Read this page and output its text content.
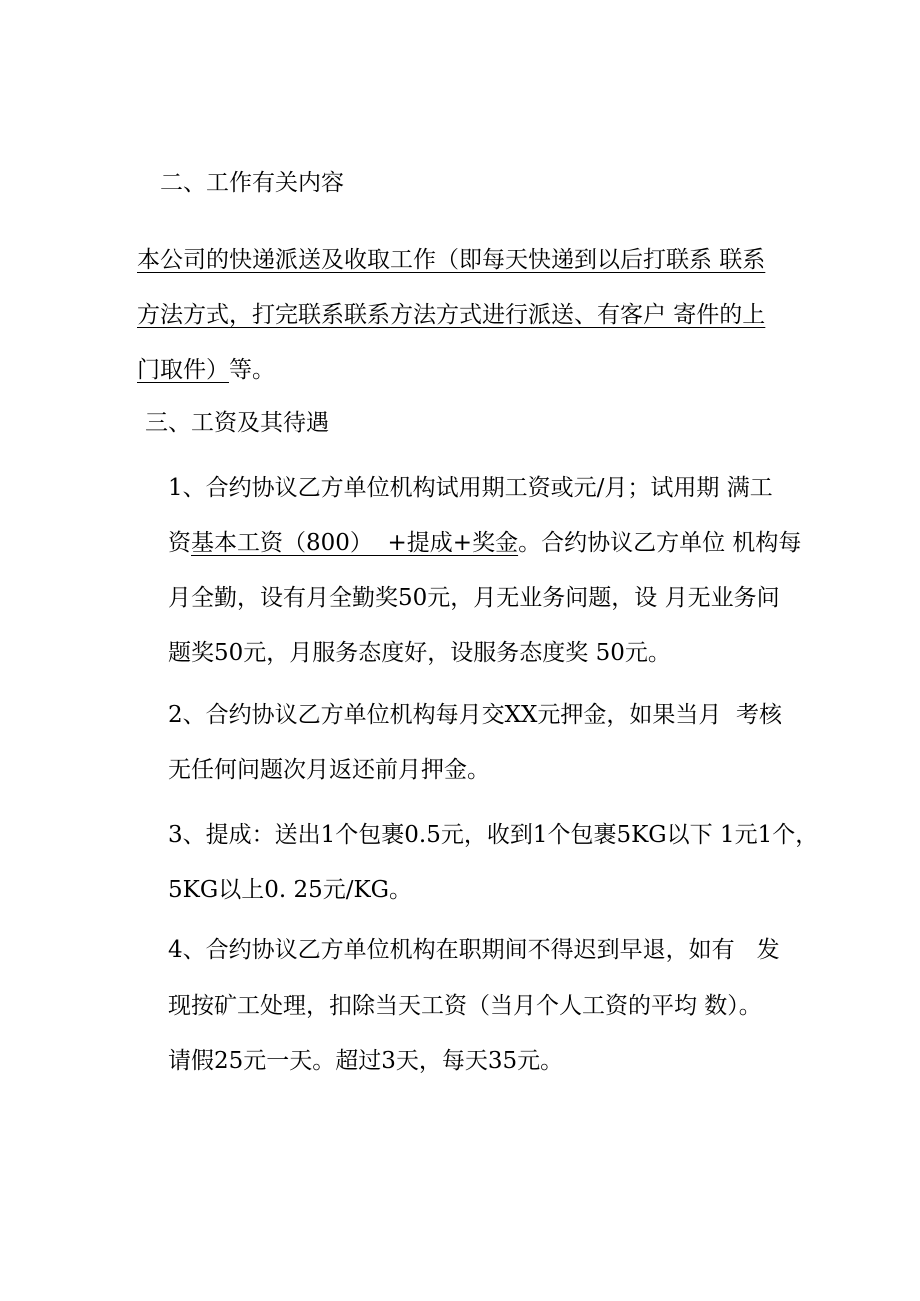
二、工作有关内容
本公司的快递派送及收取工作（即每天快递到以后打联系 联系
方法方式，打完联系联系方法方式进行派送、有客户 寄件的上
门取件）等。
三、工资及其待遇
1、合约协议乙方单位机构试用期工资或元/月；试用期 满工
资基本工资（800）  +提成+奖金。合约协议乙方单位 机构每
月全勤，设有月全勤奖50元，月无业务问题，设 月无业务问
题奖50元，月服务态度好，设服务态度奖 50元。
2、合约协议乙方单位机构每月交XX元押金，如果当月  考核
无任何问题次月返还前月押金。
3、提成：送出1个包裹0.5元，收到1个包裹5KG以下 1元1个，
5KG以上0. 25元/KG。
4、合约协议乙方单位机构在职期间不得迟到早退，如有   发
现按矿工处理，扣除当天工资（当月个人工资的平均 数）。
请假25元一天。超过3天，每天35元。
